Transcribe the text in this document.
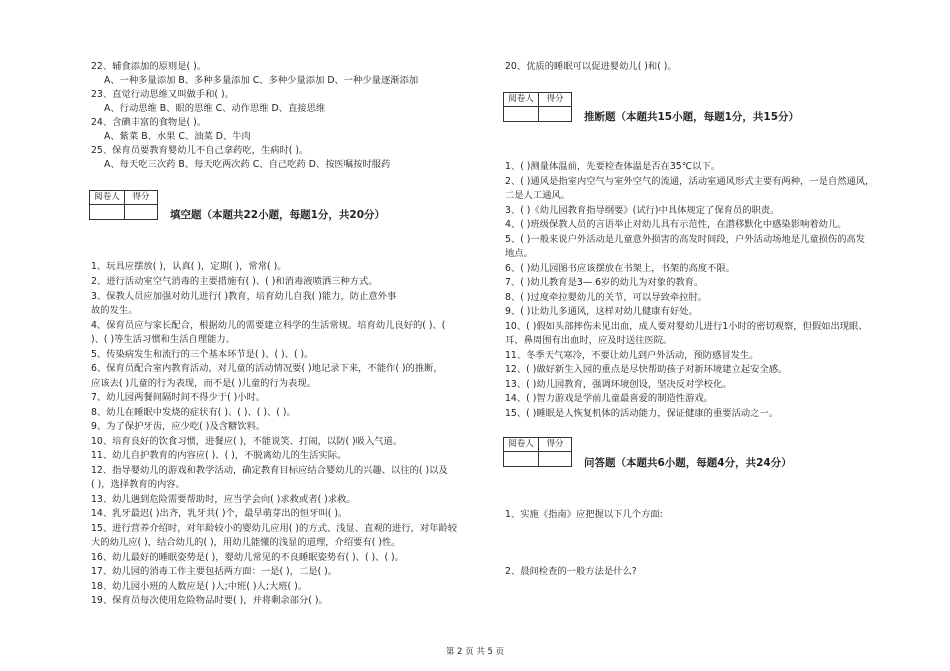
22、辅食添加的原则是( )。
A、一种多量添加 B、多种多量添加 C、多种少量添加 D、一种少量逐渐添加
23、直觉行动思维又叫做手和( )。
A、行动思维 B、眼的思维 C、动作思维 D、直接思维
24、含碘丰富的食物是( )。
A、紫菜 B、水果 C、油菜 D、牛肉
25、保育员要教育婴幼儿不自己拿药吃，生病时( )。
A、每天吃三次药 B、每天吃两次药 C、自己吃药 D、按医嘱按时服药
阅卷人	得分
填空题（本题共22小题，每题1分，共20分）
1、玩具应摆放( )，认真( )，定期( )，常常( )。
2、进行活动室空气消毒的主要措施有( )、( )和消毒液喷洒三种方式。
3、保教人员应加强对幼儿进行( )教育，培育幼儿自我( )能力，防止意外事
故的发生。
4、保育员应与家长配合，根据幼儿的需要建立科学的生活常规。培育幼儿良好的( )、(
)、( )等生活习惯和生活自理能力。
5、传染病发生和流行的三个基本环节是( )、( )、( )。
6、保育员配合室内教育活动，对儿童的活动情况要( )地记录下来，不能作( )的推断，
应该去( )儿童的行为表现，而不是( )儿童的行为表现。
7、幼儿园两餐间隔时间不得少于( )小时。
8、幼儿在睡眠中发烧的症状有( )、( )、( )、( )。
9、为了保护牙齿，应少吃( )及含糖饮料。
10、培育良好的饮食习惯，进餐应( )，不能说笑、打闹，以防( )吸入气道。
11、幼儿自护教育的内容应( )、( )，不脱离幼儿的生活实际。
12、指导婴幼儿的游戏和教学活动，确定教育目标应结合婴幼儿的兴趣、以往的( )以及
( )，选择教育的内容。
13、幼儿遇到危险需要帮助时，应当学会向( )求救或者( )求救。
14、乳牙最迟( )出齐，乳牙共( )个，最早萌芽出的恒牙叫( )。
15、进行营养介绍时，对年龄较小的婴幼儿应用( )的方式、浅显、直观的进行，对年龄较
大的幼儿应( )，结合幼儿的( )，用幼儿能懂的浅显的道理，介绍要有( )性。
16、幼儿最好的睡眠姿势是( )，婴幼儿常见的不良睡眠姿势有( )、( )、( )。
17、幼儿园的消毒工作主要包括两方面：一是( )，二是( )。
18、幼儿园小班的人数应是( )人;中班( )人;大班( )。
19、保育员每次使用危险物品时要( )，并将剩余部分( )。
20、优质的睡眠可以促进婴幼儿( )和( )。
阅卷人	得分
推断题（本题共15小题，每题1分，共15分）
1、( )测量体温前，先要检查体温是否在35℃以下。
2、( )通风是指室内空气与室外空气的流通，活动室通风形式主要有两种，一是自然通风，
二是人工通风。
3、( )《幼儿园教育指导纲要》(试行)中具体规定了保育员的职责。
4、( )班级保教人员的言语举止对幼儿具有示范性，在潜移默化中感染影响着幼儿。
5、( )一般来说户外活动是儿童意外损害的高发时间段，户外活动场地是儿童损伤的高发
地点。
6、( )幼儿园图书应该摆放在书架上，书架的高度不限。
7、( )幼儿教育是3— 6岁的幼儿为对象的教育。
8、( )过度牵拉婴幼儿的关节，可以导致牵拉肘。
9、( )让幼儿多通风，这样对幼儿健康有好处。
10、( )假如头部摔伤未见出血，成人要对婴幼儿进行1小时的密切观察，但假如出现眼、
耳、鼻周围有出血时，应及时送往医院。
11、冬季天气寒冷，不要让幼儿到户外活动，预防感冒发生。
12、( )做好新生入园的重点是尽快帮助孩子对新环境建立起安全感。
13、( )幼儿园教育，强调环境创设，坚决反对学校化。
14、( )智力游戏是学前儿童最喜爱的制造性游戏。
15、( )睡眠是人恢复机体的活动能力，保证健康的重要活动之一。
阅卷人	得分
问答题（本题共6小题，每题4分，共24分）
1、实施《指南》应把握以下几个方面:
2、晨间检查的一般方法是什么?
第 2 页 共 5 页
